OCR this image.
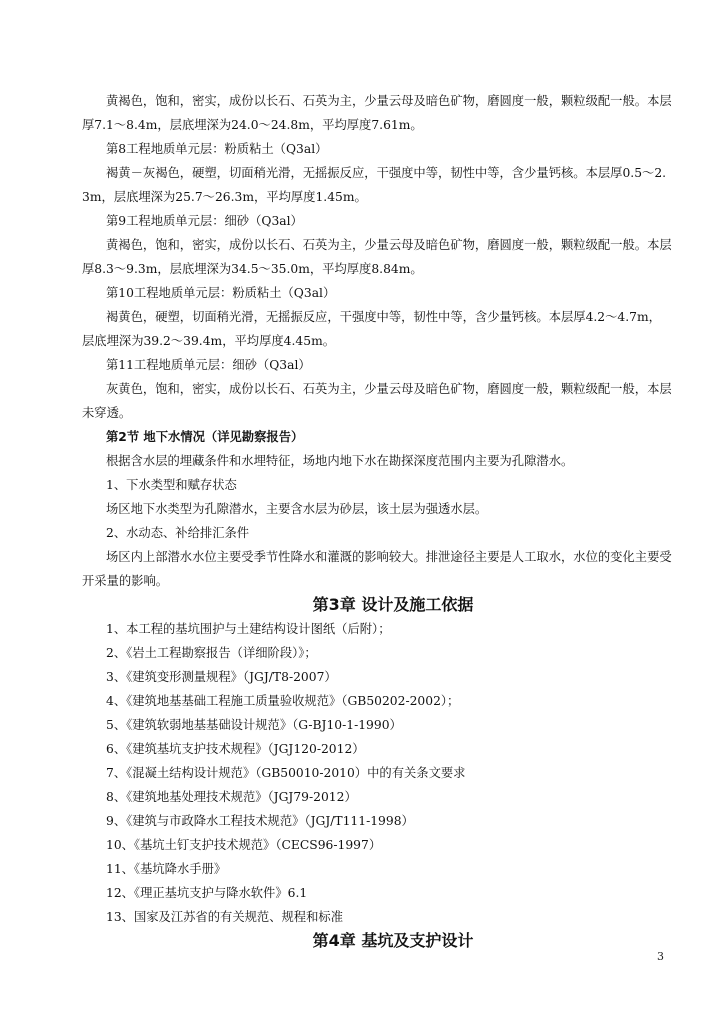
黄褐色，饱和，密实，成份以长石、石英为主，少量云母及暗色矿物，磨圆度一般，颗粒级配一般。本层厚7.1～8.4m，层底埋深为24.0～24.8m，平均厚度7.61m。

第8工程地质单元层：粉质粘土（Q3al）

褐黄－灰褐色，硬塑，切面稍光滑，无摇振反应，干强度中等，韧性中等，含少量钙核。本层厚0.5～2.3m，层底埋深为25.7～26.3m，平均厚度1.45m。

第9工程地质单元层：细砂（Q3al）

黄褐色，饱和，密实，成份以长石、石英为主，少量云母及暗色矿物，磨圆度一般，颗粒级配一般。本层厚8.3～9.3m，层底埋深为34.5～35.0m，平均厚度8.84m。

第10工程地质单元层：粉质粘土（Q3al）

褐黄色，硬塑，切面稍光滑，无摇振反应，干强度中等，韧性中等，含少量钙核。本层厚4.2～4.7m，层底埋深为39.2～39.4m，平均厚度4.45m。

第11工程地质单元层：细砂（Q3al）

灰黄色，饱和，密实，成份以长石、石英为主，少量云母及暗色矿物，磨圆度一般，颗粒级配一般，本层未穿透。

第2节 地下水情况（详见勘察报告）

根据含水层的埋藏条件和水埋特征，场地内地下水在勘探深度范围内主要为孔隙潜水。

1、下水类型和赋存状态

场区地下水类型为孔隙潜水，主要含水层为砂层，该土层为强透水层。

2、水动态、补给排汇条件

场区内上部潜水水位主要受季节性降水和灌溉的影响较大。排泄途径主要是人工取水，水位的变化主要受开采量的影响。

第3章 设计及施工依据

1、本工程的基坑围护与土建结构设计图纸（后附）；

2、《岩土工程勘察报告（详细阶段）》；

3、《建筑变形测量规程》（JGJ/T8-2007）

4、《建筑地基基础工程施工质量验收规范》（GB50202-2002）；

5、《建筑软弱地基基础设计规范》（G-BJ10-1-1990）

6、《建筑基坑支护技术规程》（JGJ120-2012）

7、《混凝土结构设计规范》（GB50010-2010）中的有关条文要求

8、《建筑地基处理技术规范》（JGJ79-2012）

9、《建筑与市政降水工程技术规范》（JGJ/T111-1998）

10、《基坑土钉支护技术规范》（CECS96-1997）

11、《基坑降水手册》

12、《理正基坑支护与降水软件》6.1

13、国家及江苏省的有关规范、规程和标准

第4章 基坑及支护设计

3
